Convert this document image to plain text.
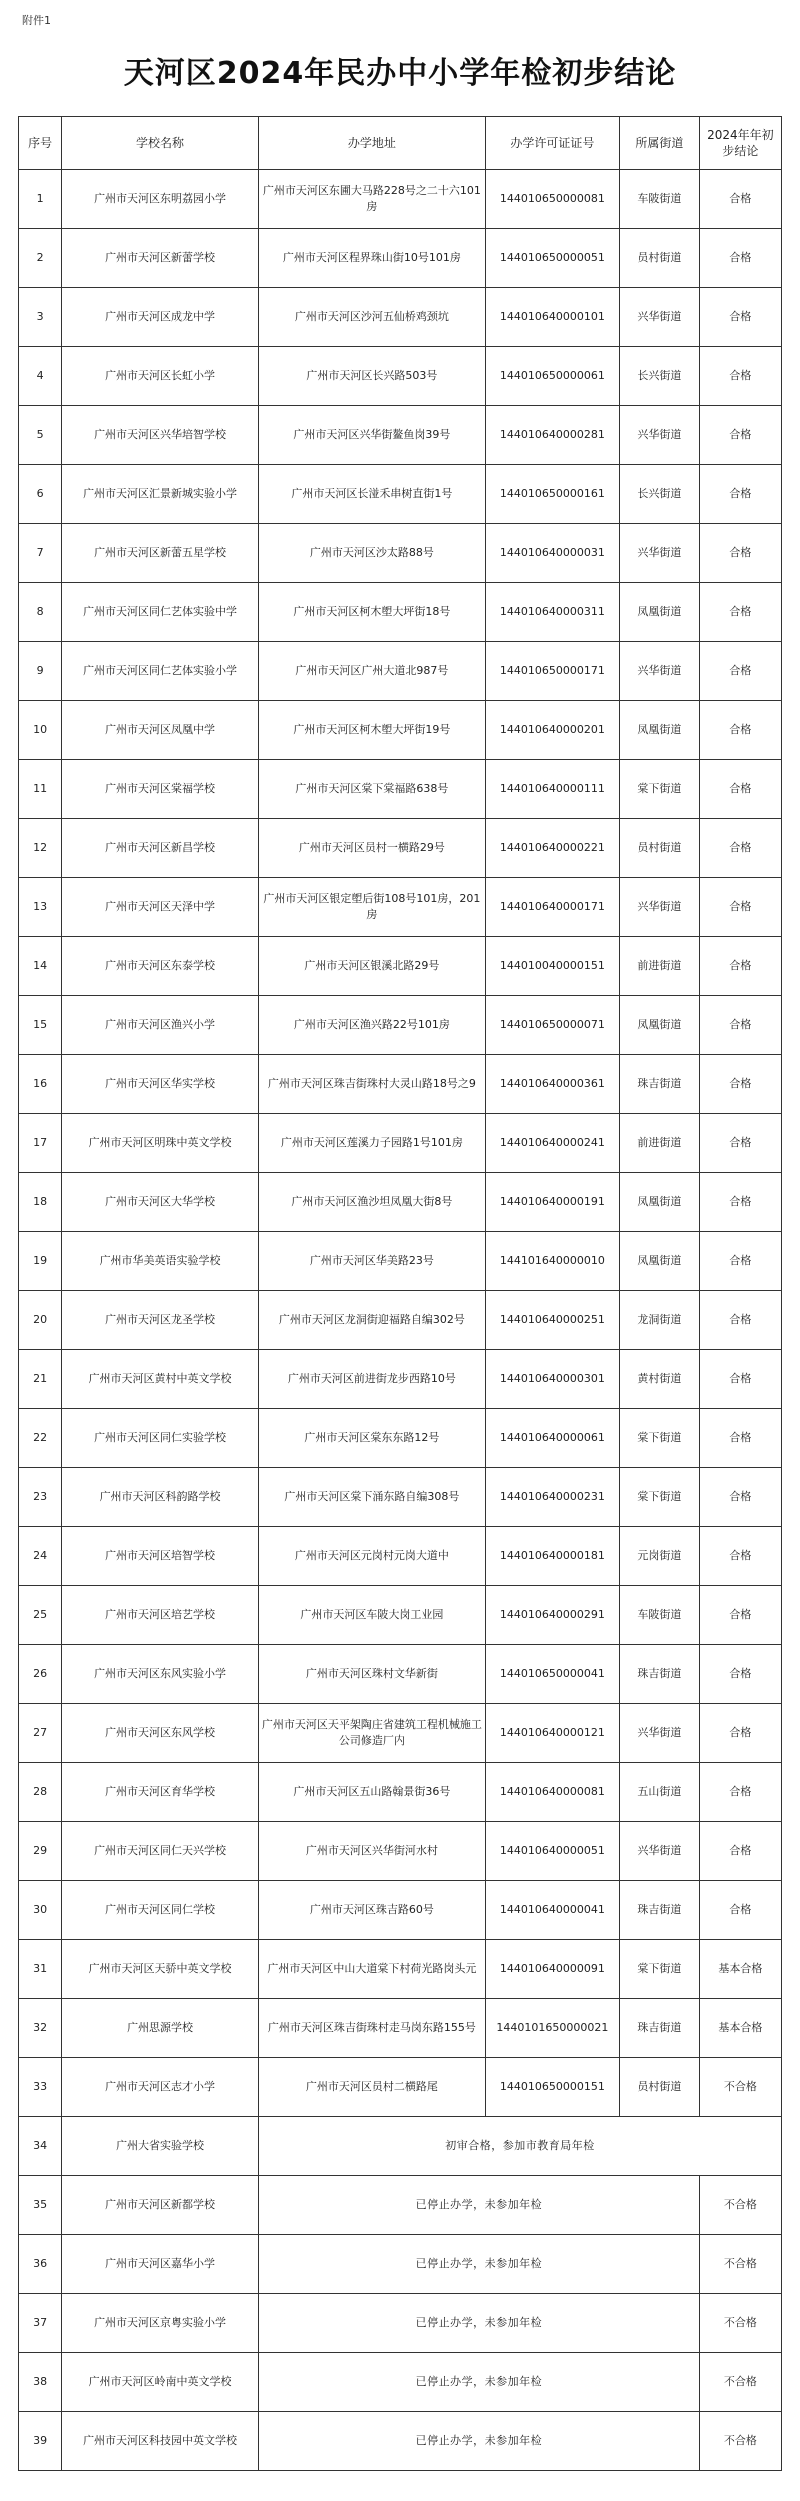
附件1
天河区2024年民办中小学年检初步结论
序号	学校名称	办学地址	办学许可证证号	所属街道	2024年年初步结论
1	广州市天河区东明荔园小学	广州市天河区东圃大马路228号之二十六101房	144010650000081	车陂街道	合格
2	广州市天河区新蕾学校	广州市天河区程界珠山街10号101房	144010650000051	员村街道	合格
3	广州市天河区成龙中学	广州市天河区沙河五仙桥鸡颈坑	144010640000101	兴华街道	合格
4	广州市天河区长虹小学	广州市天河区长兴路503号	144010650000061	长兴街道	合格
5	广州市天河区兴华培智学校	广州市天河区兴华街鳌鱼岗39号	144010640000281	兴华街道	合格
6	广州市天河区汇景新城实验小学	广州市天河区长湴禾串树直街1号	144010650000161	长兴街道	合格
7	广州市天河区新蕾五星学校	广州市天河区沙太路88号	144010640000031	兴华街道	合格
8	广州市天河区同仁艺体实验中学	广州市天河区柯木塱大坪街18号	144010640000311	凤凰街道	合格
9	广州市天河区同仁艺体实验小学	广州市天河区广州大道北987号	144010650000171	兴华街道	合格
10	广州市天河区凤凰中学	广州市天河区柯木塱大坪街19号	144010640000201	凤凰街道	合格
11	广州市天河区棠福学校	广州市天河区棠下棠福路638号	144010640000111	棠下街道	合格
12	广州市天河区新昌学校	广州市天河区员村一横路29号	144010640000221	员村街道	合格
13	广州市天河区天泽中学	广州市天河区银定塱后街108号101房，201房	144010640000171	兴华街道	合格
14	广州市天河区东泰学校	广州市天河区银溪北路29号	144010040000151	前进街道	合格
15	广州市天河区渔兴小学	广州市天河区渔兴路22号101房	144010650000071	凤凰街道	合格
16	广州市天河区华实学校	广州市天河区珠吉街珠村大灵山路18号之9	144010640000361	珠吉街道	合格
17	广州市天河区明珠中英文学校	广州市天河区莲溪力子园路1号101房	144010640000241	前进街道	合格
18	广州市天河区大华学校	广州市天河区渔沙坦凤凰大街8号	144010640000191	凤凰街道	合格
19	广州市华美英语实验学校	广州市天河区华美路23号	144101640000010	凤凰街道	合格
20	广州市天河区龙圣学校	广州市天河区龙洞街迎福路自编302号	144010640000251	龙洞街道	合格
21	广州市天河区黄村中英文学校	广州市天河区前进街龙步西路10号	144010640000301	黄村街道	合格
22	广州市天河区同仁实验学校	广州市天河区棠东东路12号	144010640000061	棠下街道	合格
23	广州市天河区科韵路学校	广州市天河区棠下涌东路自编308号	144010640000231	棠下街道	合格
24	广州市天河区培智学校	广州市天河区元岗村元岗大道中	144010640000181	元岗街道	合格
25	广州市天河区培艺学校	广州市天河区车陂大岗工业园	144010640000291	车陂街道	合格
26	广州市天河区东风实验小学	广州市天河区珠村文华新街	144010650000041	珠吉街道	合格
27	广州市天河区东风学校	广州市天河区天平架陶庄省建筑工程机械施工公司修造厂内	144010640000121	兴华街道	合格
28	广州市天河区育华学校	广州市天河区五山路翰景街36号	144010640000081	五山街道	合格
29	广州市天河区同仁天兴学校	广州市天河区兴华街河水村	144010640000051	兴华街道	合格
30	广州市天河区同仁学校	广州市天河区珠吉路60号	144010640000041	珠吉街道	合格
31	广州市天河区天骄中英文学校	广州市天河区中山大道棠下村荷光路岗头元	144010640000091	棠下街道	基本合格
32	广州思源学校	广州市天河区珠吉街珠村走马岗东路155号	1440101650000021	珠吉街道	基本合格
33	广州市天河区志才小学	广州市天河区员村二横路尾	144010650000151	员村街道	不合格
34	广州大省实验学校	初审合格，参加市教育局年检			
35	广州市天河区新都学校	已停止办学，未参加年检			不合格
36	广州市天河区嘉华小学	已停止办学，未参加年检			不合格
37	广州市天河区京粤实验小学	已停止办学，未参加年检			不合格
38	广州市天河区岭南中英文学校	已停止办学，未参加年检			不合格
39	广州市天河区科技园中英文学校	已停止办学，未参加年检			不合格
